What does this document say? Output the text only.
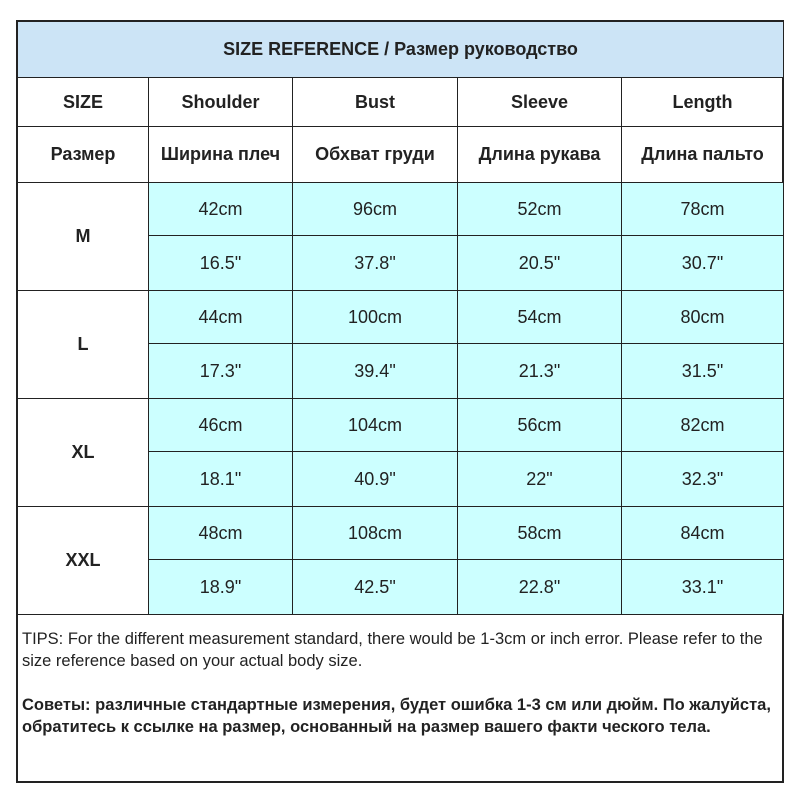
SIZE REFERENCE / Размер руководство				
SIZE	Shoulder	Bust	Sleeve	Length
Размер	Ширина плеч	Обхват груди	Длина рукава	Длина пальто
M	42cm	96cm	52cm	78cm
	16.5"	37.8"	20.5"	30.7"
L	44cm	100cm	54cm	80cm
	17.3"	39.4"	21.3"	31.5"
XL	46cm	104cm	56cm	82cm
	18.1"	40.9"	22"	32.3"
XXL	48cm	108cm	58cm	84cm
	18.9"	42.5"	22.8"	33.1"
TIPS: For the different measurement standard, there would be 1-3cm or inch error. Please refer to the size reference based on your actual body size.
Советы: различные стандартные измерения, будет ошибка 1-3 см или дюйм. По жалуйста, обратитесь к ссылке на размер, основанный на размер вашего факти ческого тела.
